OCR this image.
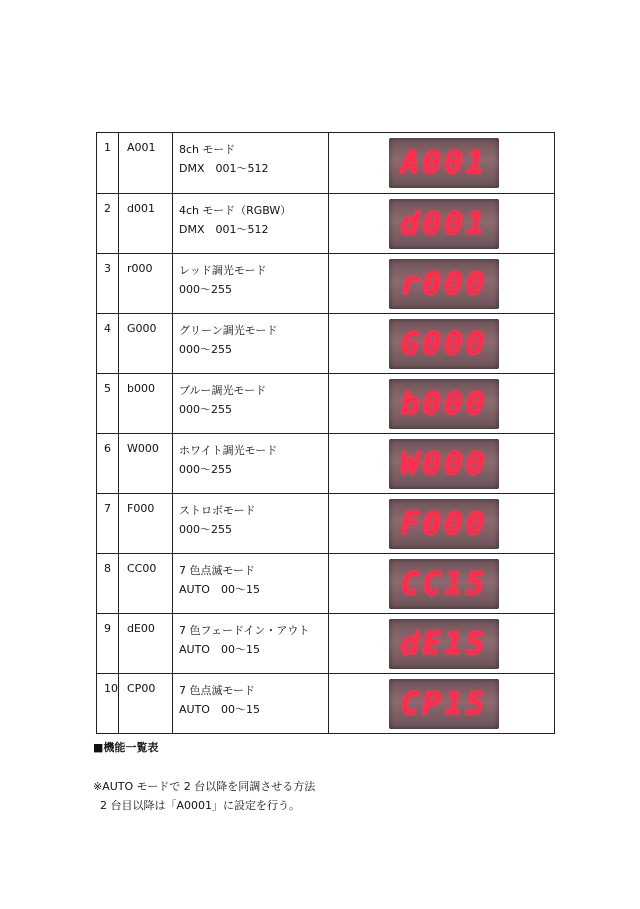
1	A001	8ch モード
DMX　001～512	A001

2	d001	4ch モード（RGBW）
DMX　001～512	d001

3	r000	レッド調光モード
000～255	r000

4	G000	グリーン調光モード
000～255	G000

5	b000	ブルー調光モード
000～255	b000

6	W000	ホワイト調光モード
000～255	W000

7	F000	ストロボモード
000～255	F000

8	CC00	7 色点滅モード
AUTO　00～15	CC15

9	dE00	7 色フェードイン・アウト
AUTO　00～15	dE15

10	CP00	7 色点滅モード
AUTO　00～15	CP15
■機能一覧表
※AUTO モードで 2 台以降を同調させる方法
2 台目以降は「A0001」に設定を行う。
